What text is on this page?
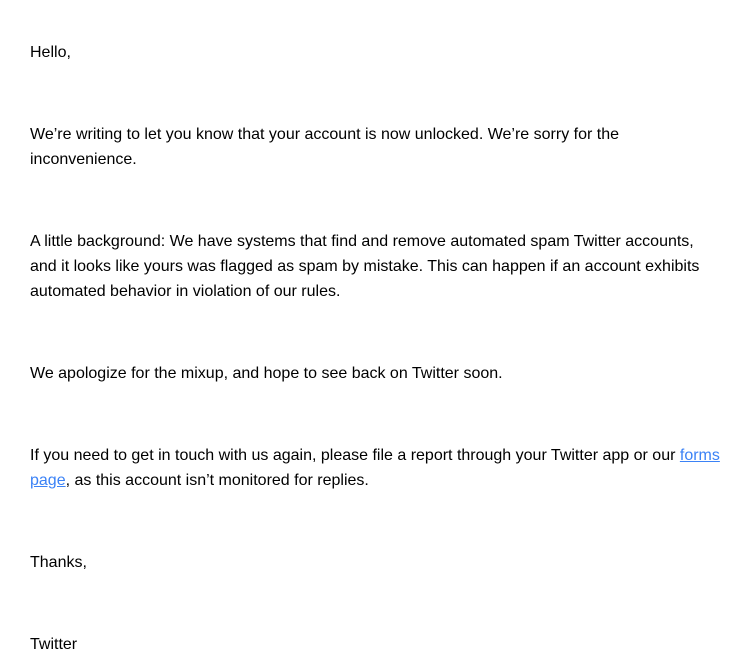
Hello,

We’re writing to let you know that your account is now unlocked. We’re sorry for the inconvenience.

A little background: We have systems that find and remove automated spam Twitter accounts, and it looks like yours was flagged as spam by mistake. This can happen if an account exhibits automated behavior in violation of our rules.

We apologize for the mixup, and hope to see back on Twitter soon.

If you need to get in touch with us again, please file a report through your Twitter app or our forms page, as this account isn’t monitored for replies.

Thanks,

Twitter
